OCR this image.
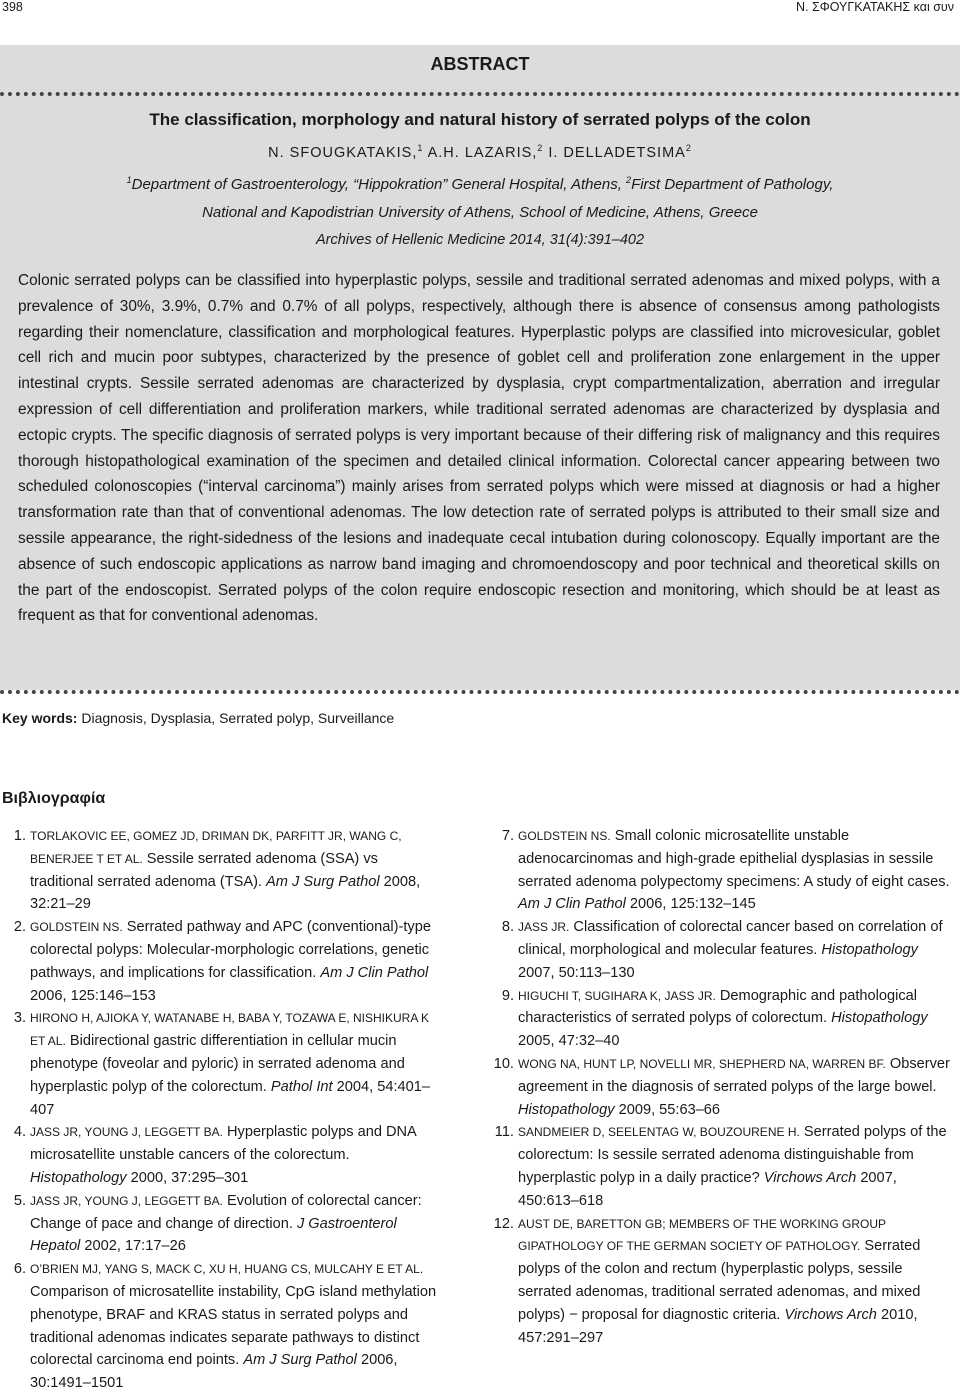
398	Ν. ΣΦΟΥΓΚΑΤΑΚΗΣ και συν
ABSTRACT
The classification, morphology and natural history of serrated polyps of the colon
N. SFOUGKATAKIS,$^1$ A.H. LAZARIS,$^2$ I. DELLADETSIMA$^2$
$^1$Department of Gastroenterology, “Hippokration” General Hospital, Athens, $^2$First Department of Pathology,
National and Kapodistrian University of Athens, School of Medicine, Athens, Greece
Archives of Hellenic Medicine 2014, 31(4):391–402
Colonic serrated polyps can be classified into hyperplastic polyps, sessile and traditional serrated adenomas and mixed polyps, with a prevalence of 30%, 3.9%, 0.7% and 0.7% of all polyps, respectively, although there is absence of consensus among pathologists regarding their nomenclature, classification and morphological features. Hyperplastic polyps are classified into microvesicular, goblet cell rich and mucin poor subtypes, characterized by the presence of goblet cell and proliferation zone enlargement in the upper intestinal crypts. Sessile serrated adenomas are characterized by dysplasia, crypt compartmentalization, aberration and irregular expression of cell differentiation and proliferation markers, while traditional serrated adenomas are characterized by dysplasia and ectopic crypts. The specific diagnosis of serrated polyps is very important because of their differing risk of malignancy and this requires thorough histopathological examination of the specimen and detailed clinical information. Colorectal cancer appearing between two scheduled colonoscopies (“interval carcinoma”) mainly arises from serrated polyps which were missed at diagnosis or had a higher transformation rate than that of conventional adenomas. The low detection rate of serrated polyps is attributed to their small size and sessile appearance, the right-sidedness of the lesions and inadequate cecal intubation during colonoscopy. Equally important are the absence of such endoscopic applications as narrow band imaging and chromoendoscopy and poor technical and theoretical skills on the part of the endoscopist. Serrated polyps of the colon require endoscopic resection and monitoring, which should be at least as frequent as that for conventional adenomas.
Key words: Diagnosis, Dysplasia, Serrated polyp, Surveillance
Βιβλιογραφία
1. TORLAKOVIC EE, GOMEZ JD, DRIMAN DK, PARFITT JR, WANG C, BENERJEE T ET AL. Sessile serrated adenoma (SSA) vs traditional serrated adenoma (TSA). Am J Surg Pathol 2008, 32:21–29
2. GOLDSTEIN NS. Serrated pathway and APC (conventional)-type colorectal polyps: Molecular-morphologic correlations, genetic pathways, and implications for classification. Am J Clin Pathol 2006, 125:146–153
3. HIRONO H, AJIOKA Y, WATANABE H, BABA Y, TOZAWA E, NISHIKURA K ET AL. Bidirectional gastric differentiation in cellular mucin phenotype (foveolar and pyloric) in serrated adenoma and hyperplastic polyp of the colorectum. Pathol Int 2004, 54:401–407
4. JASS JR, YOUNG J, LEGGETT BA. Hyperplastic polyps and DNA microsatellite unstable cancers of the colorectum. Histopathology 2000, 37:295–301
5. JASS JR, YOUNG J, LEGGETT BA. Evolution of colorectal cancer: Change of pace and change of direction. J Gastroenterol Hepatol 2002, 17:17–26
6. O’BRIEN MJ, YANG S, MACK C, XU H, HUANG CS, MULCAHY E ET AL. Comparison of microsatellite instability, CpG island methylation phenotype, BRAF and KRAS status in serrated polyps and traditional adenomas indicates separate pathways to distinct colorectal carcinoma end points. Am J Surg Pathol 2006, 30:1491–1501
7. GOLDSTEIN NS. Small colonic microsatellite unstable adenocarcinomas and high-grade epithelial dysplasias in sessile serrated adenoma polypectomy specimens: A study of eight cases. Am J Clin Pathol 2006, 125:132–145
8. JASS JR. Classification of colorectal cancer based on correlation of clinical, morphological and molecular features. Histopathology 2007, 50:113–130
9. HIGUCHI T, SUGIHARA K, JASS JR. Demographic and pathological characteristics of serrated polyps of colorectum. Histopathology 2005, 47:32–40
10. WONG NA, HUNT LP, NOVELLI MR, SHEPHERD NA, WARREN BF. Observer agreement in the diagnosis of serrated polyps of the large bowel. Histopathology 2009, 55:63–66
11. SANDMEIER D, SEELENTAG W, BOUZOURENE H. Serrated polyps of the colorectum: Is sessile serrated adenoma distinguishable from hyperplastic polyp in a daily practice? Virchows Arch 2007, 450:613–618
12. AUST DE, BARETTON GB; MEMBERS OF THE WORKING GROUP GIPATHOLOGY OF THE GERMAN SOCIETY OF PATHOLOGY. Serrated polyps of the colon and rectum (hyperplastic polyps, sessile serrated adenomas, traditional serrated adenomas, and mixed polyps) − proposal for diagnostic criteria. Virchows Arch 2010, 457:291–297
